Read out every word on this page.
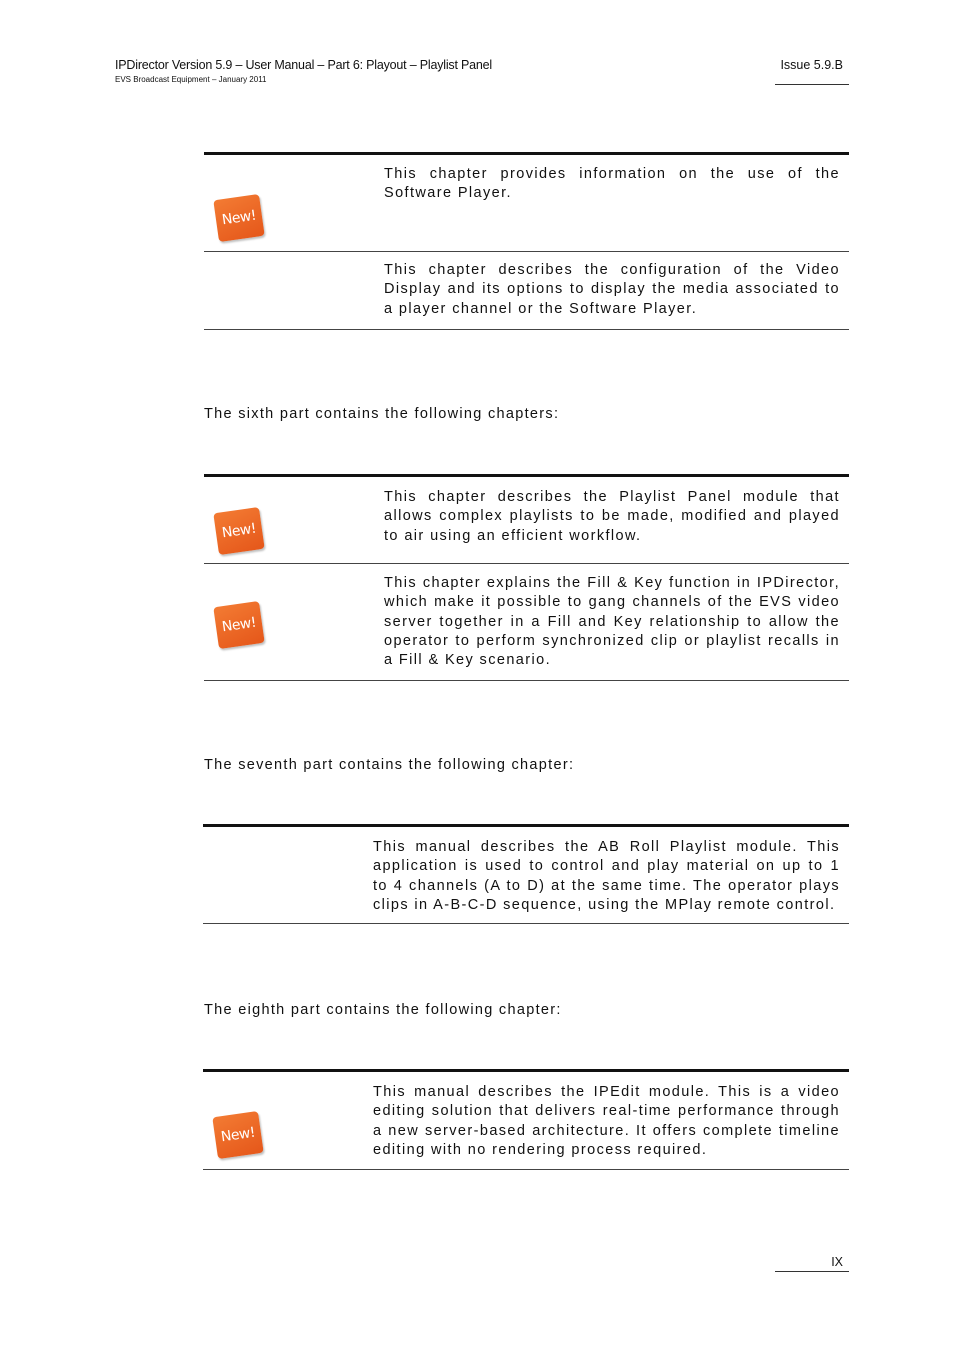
IPDirector Version 5.9 – User Manual – Part 6: Playout – Playlist Panel
EVS Broadcast Equipment – January 2011
Issue 5.9.B
New!
This chapter provides information on the use of the Software Player.
This chapter describes the configuration of the Video Display and its options to display the media associated to a player channel or the Software Player.
The sixth part contains the following chapters:
New!
This chapter describes the Playlist Panel module that allows complex playlists to be made, modified and played to air using an efficient workflow.
New!
This chapter explains the Fill & Key function in IPDirector, which make it possible to gang channels of the EVS video server together in a Fill and Key relationship to allow the operator to perform synchronized clip or playlist recalls in a Fill & Key scenario.
The seventh part contains the following chapter:
This manual describes the AB Roll Playlist module. This application is used to control and play material on up to 1 to 4 channels (A to D) at the same time. The operator plays clips in A-B-C-D sequence, using the MPlay remote control.
The eighth part contains the following chapter:
New!
This manual describes the IPEdit module. This is a video editing solution that delivers real-time performance through a new server-based architecture. It offers complete timeline editing with no rendering process required.
IX
